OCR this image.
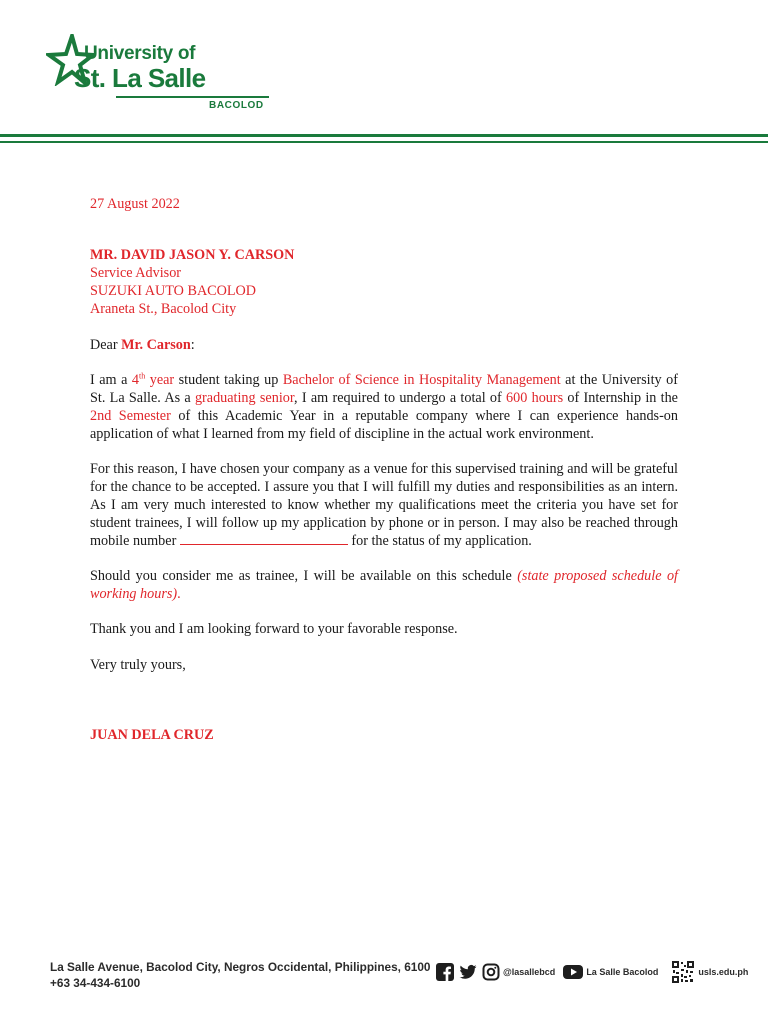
University of
St. La Salle
BACOLOD

27 August 2022

MR. DAVID JASON Y. CARSON
Service Advisor
SUZUKI AUTO BACOLOD
Araneta St., Bacolod City

Dear Mr. Carson:

I am a 4th year student taking up Bachelor of Science in Hospitality Management at the University of St. La Salle. As a graduating senior, I am required to undergo a total of 600 hours of Internship in the 2nd Semester of this Academic Year in a reputable company where I can experience hands-on application of what I learned from my field of discipline in the actual work environment.

For this reason, I have chosen your company as a venue for this supervised training and will be grateful for the chance to be accepted. I assure you that I will fulfill my duties and responsibilities as an intern. As I am very much interested to know whether my qualifications meet the criteria you have set for student trainees, I will follow up my application by phone or in person. I may also be reached through mobile number	for the status of my application.

Should you consider me as trainee, I will be available on this schedule (state proposed schedule of working hours).

Thank you and I am looking forward to your favorable response.

Very truly yours,

JUAN DELA CRUZ

La Salle Avenue, Bacolod City, Negros Occidental, Philippines, 6100
+63 34-434-6100
@lasallebcd	La Salle Bacolod	usls.edu.ph
